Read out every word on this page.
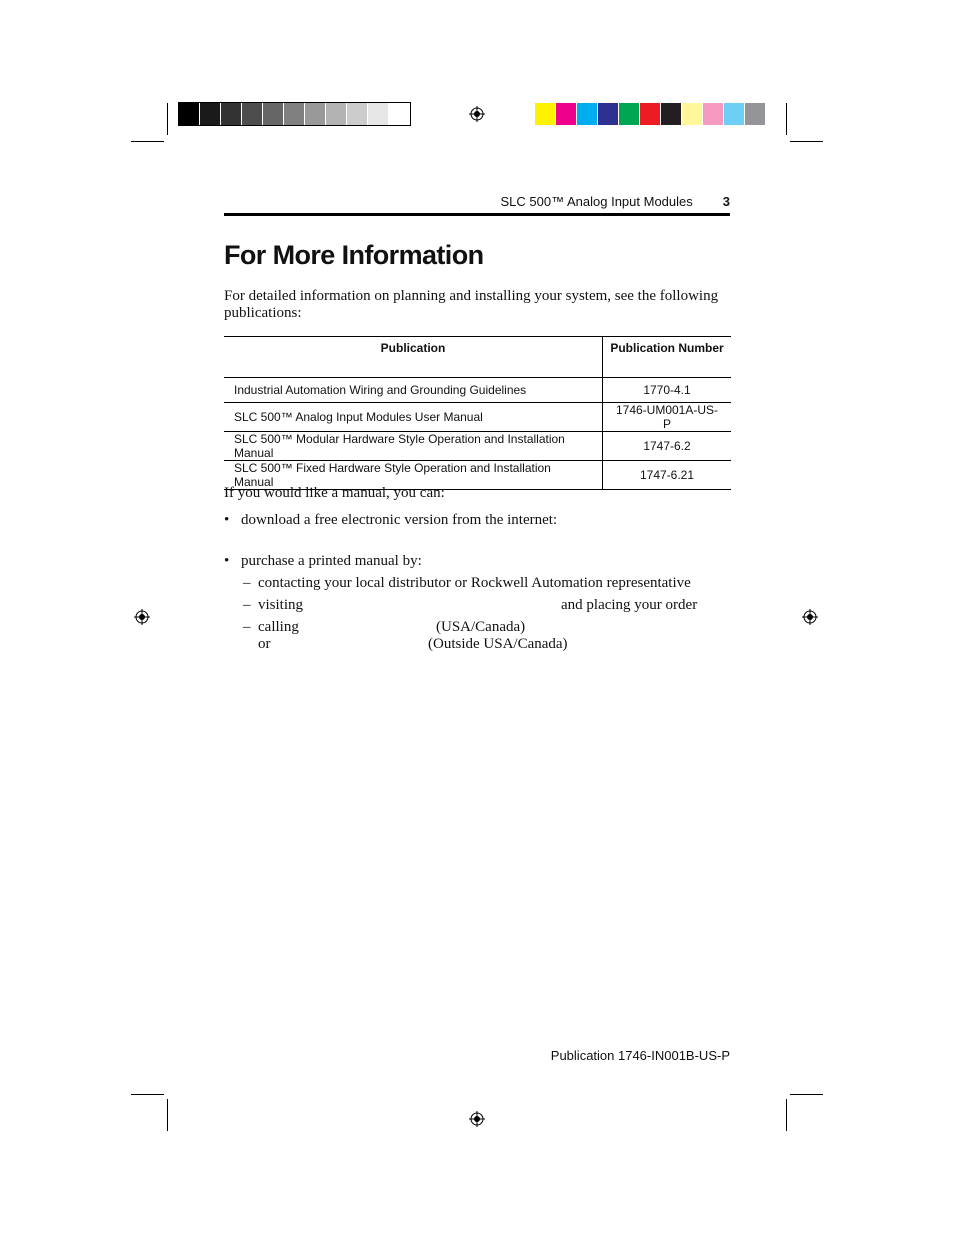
SLC 500™ Analog Input Modules 3
For More Information

For detailed information on planning and installing your system, see the following publications:

Publication	Publication Number
Industrial Automation Wiring and Grounding Guidelines	1770-4.1
SLC 500™ Analog Input Modules User Manual	1746-UM001A-US-P
SLC 500™ Modular Hardware Style Operation and Installation Manual	1747-6.2
SLC 500™ Fixed Hardware Style Operation and Installation Manual	1747-6.21

If you would like a manual, you can:

• download a free electronic version from the internet:
• purchase a printed manual by:
– contacting your local distributor or Rockwell Automation representative
– visiting	and placing your order
– calling	(USA/Canada)
or	(Outside USA/Canada)
Publication 1746-IN001B-US-P
